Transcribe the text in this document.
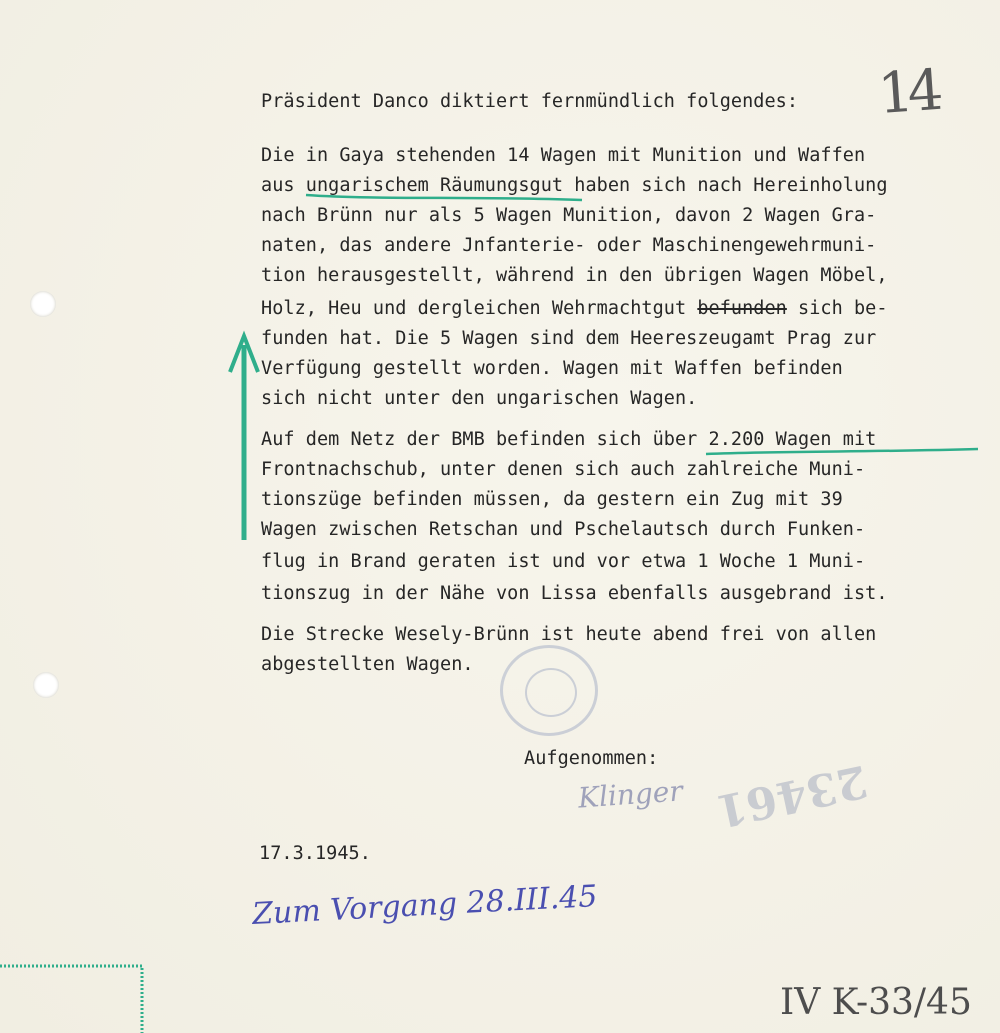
Präsident Danco diktiert fernmündlich folgendes:
Die in Gaya stehenden 14 Wagen mit Munition und Waffen
aus ungarischem Räumungsgut haben sich nach Hereinholung
nach Brünn nur als 5 Wagen Munition, davon 2 Wagen Gra-
naten, das andere Jnfanterie- oder Maschinengewehrmuni-
tion herausgestellt, während in den übrigen Wagen Möbel,
Holz, Heu und dergleichen Wehrmachtgut befunden sich be-
funden hat. Die 5 Wagen sind dem Heereszeugamt Prag zur
Verfügung gestellt worden. Wagen mit Waffen befinden
sich nicht unter den ungarischen Wagen.
Auf dem Netz der BMB befinden sich über 2.200 Wagen mit
Frontnachschub, unter denen sich auch zahlreiche Muni-
tionszüge befinden müssen, da gestern ein Zug mit 39
Wagen zwischen Retschan und Pschelautsch durch Funken-
flug in Brand geraten ist und vor etwa 1 Woche 1 Muni-
tionszug in der Nähe von Lissa ebenfalls ausgebrand ist.
Die Strecke Wesely-Brünn ist heute abend frei von allen
abgestellten Wagen.
Aufgenommen:
17.3.1945.
14
Klinger 23461
Zum Vorgang 28.III.45
IV K-33/45
